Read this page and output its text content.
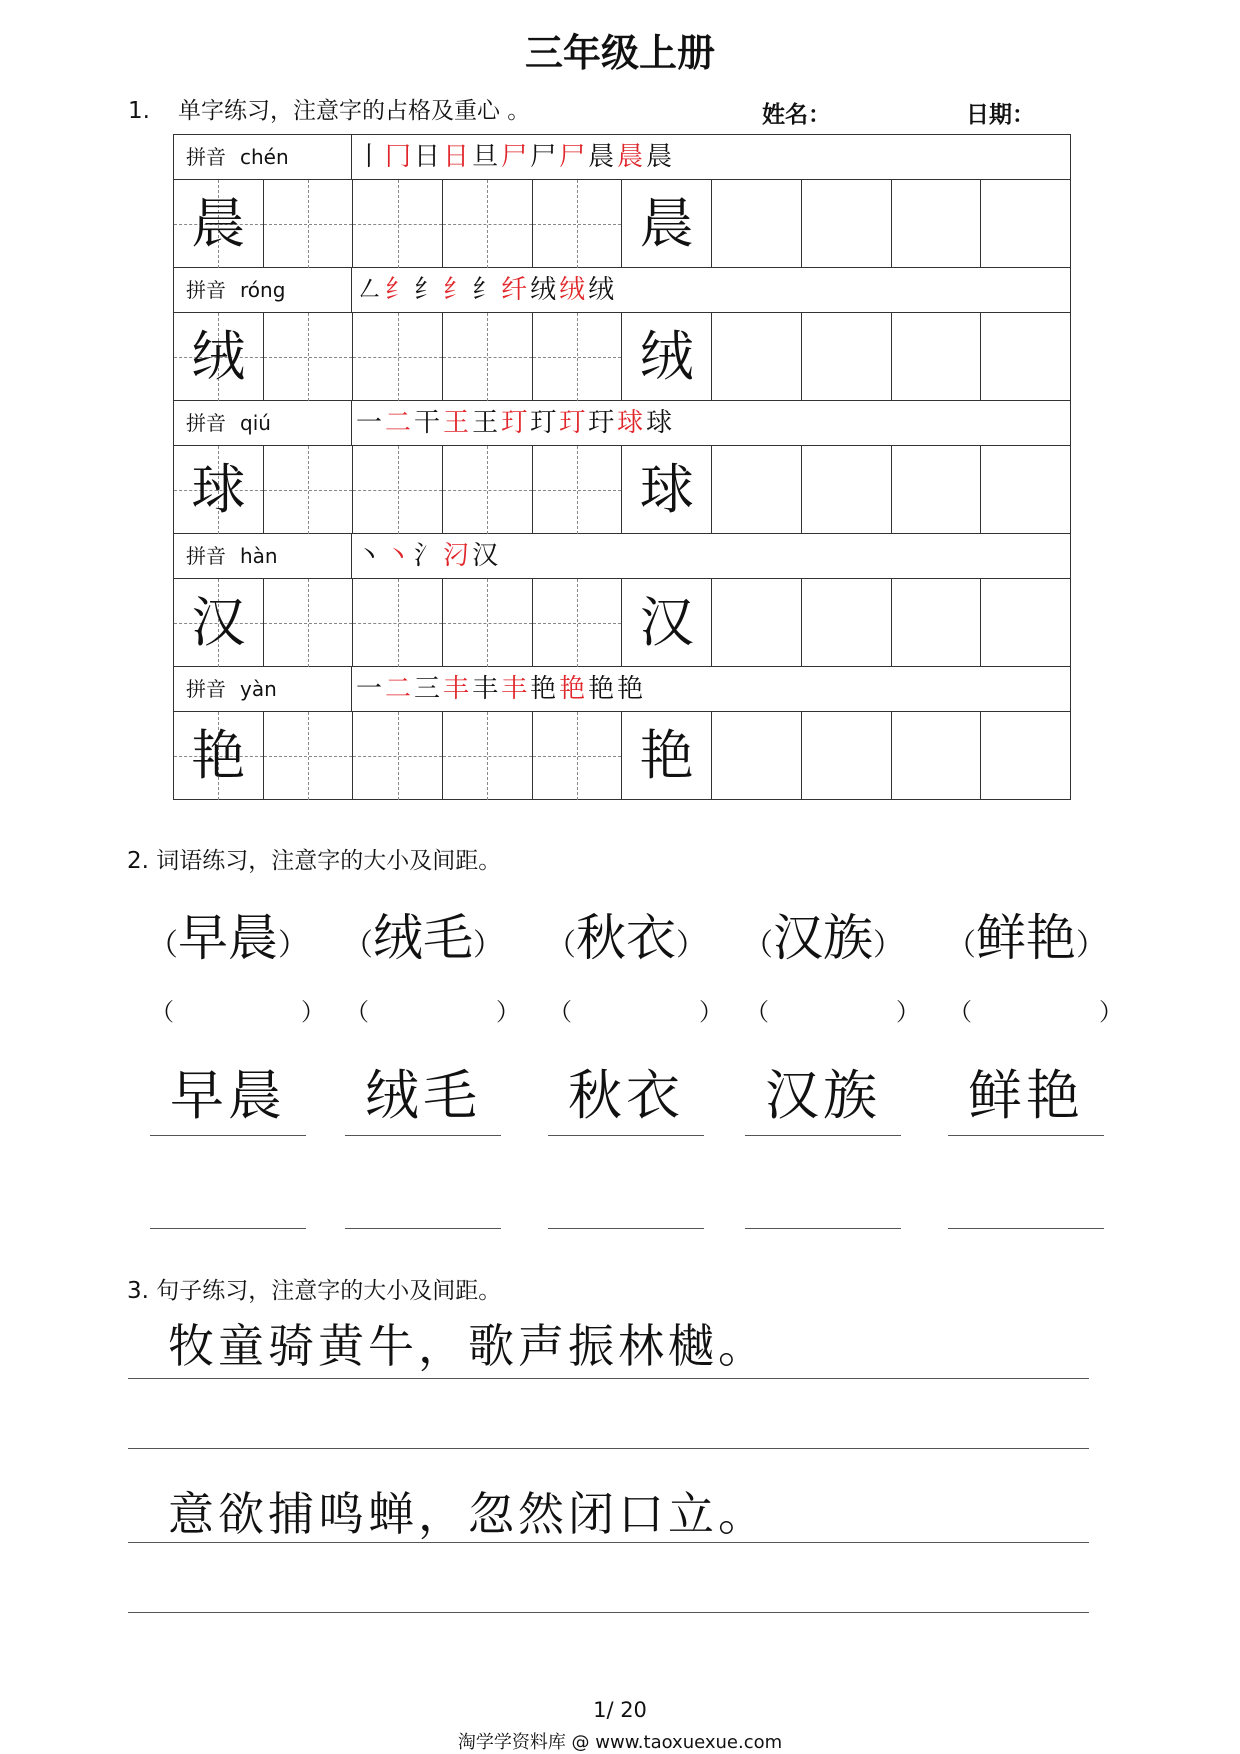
三年级上册
1. 单字练习，注意字的占格及重心 。	姓名：	日期：
拼音 chén	丨冂日日旦尸尸尸晨晨晨
晨	晨
拼音 róng	㇜纟纟纟纟纤绒绒绒
绒	绒
拼音 qiú	一二干王王玎玎玎玗球球
球	球
拼音 hàn	丶丶氵汈汉
汉	汉
拼音 yàn	一二三丰丰丰艳艳艳艳
艳	艳
2. 词语练习，注意字的大小及间距。
（早晨）
（	）
早晨
（绒毛）
（	）
绒毛
（秋衣）
（	）
秋衣
（汉族）
（	）
汉族
（鲜艳）
（	）
鲜艳
3. 句子练习，注意字的大小及间距。
牧童骑黄牛，歌声振林樾。
意欲捕鸣蝉，忽然闭口立。
1/ 20
淘学学资料库 @ www.taoxuexue.com
